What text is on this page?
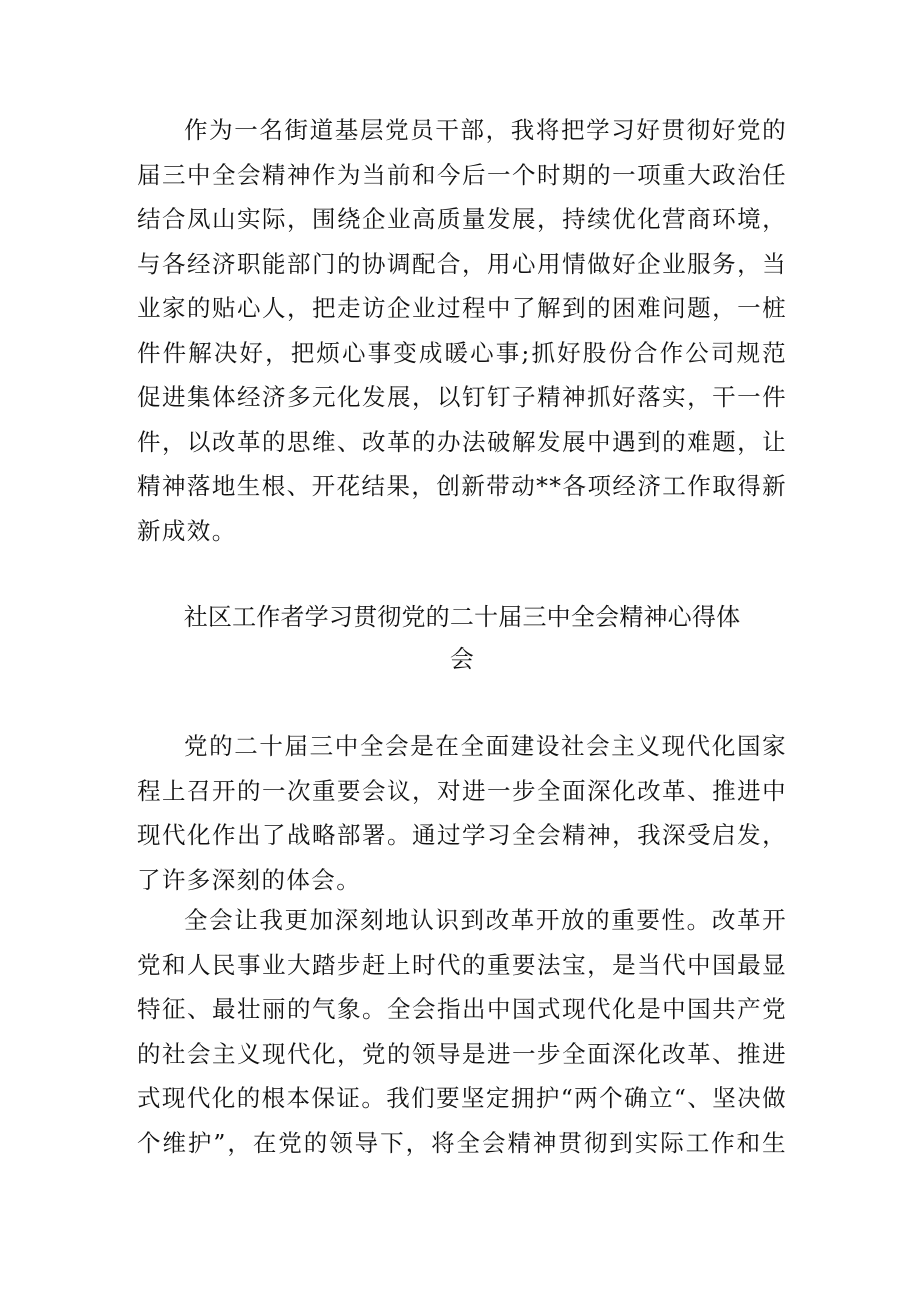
作为一名街道基层党员干部，我将把学习好贯彻好党的
届三中全会精神作为当前和今后一个时期的一项重大政治任
结合凤山实际，围绕企业高质量发展，持续优化营商环境，
与各经济职能部门的协调配合，用心用情做好企业服务，当
业家的贴心人，把走访企业过程中了解到的困难问题，一桩
件件解决好，把烦心事变成暖心事;抓好股份合作公司规范
促进集体经济多元化发展，以钉钉子精神抓好落实，干一件
件，以改革的思维、改革的办法破解发展中遇到的难题，让
精神落地生根、开花结果，创新带动**各项经济工作取得新
新成效。
社区工作者学习贯彻党的二十届三中全会精神心得体
会
党的二十届三中全会是在全面建设社会主义现代化国家
程上召开的一次重要会议，对进一步全面深化改革、推进中
现代化作出了战略部署。通过学习全会精神，我深受启发，
了许多深刻的体会。
全会让我更加深刻地认识到改革开放的重要性。改革开
党和人民事业大踏步赶上时代的重要法宝，是当代中国最显
特征、最壮丽的气象。全会指出中国式现代化是中国共产党
的社会主义现代化，党的领导是进一步全面深化改革、推进
式现代化的根本保证。我们要坚定拥护“两个确立“、坚决做
个维护”，在党的领导下，将全会精神贯彻到实际工作和生
